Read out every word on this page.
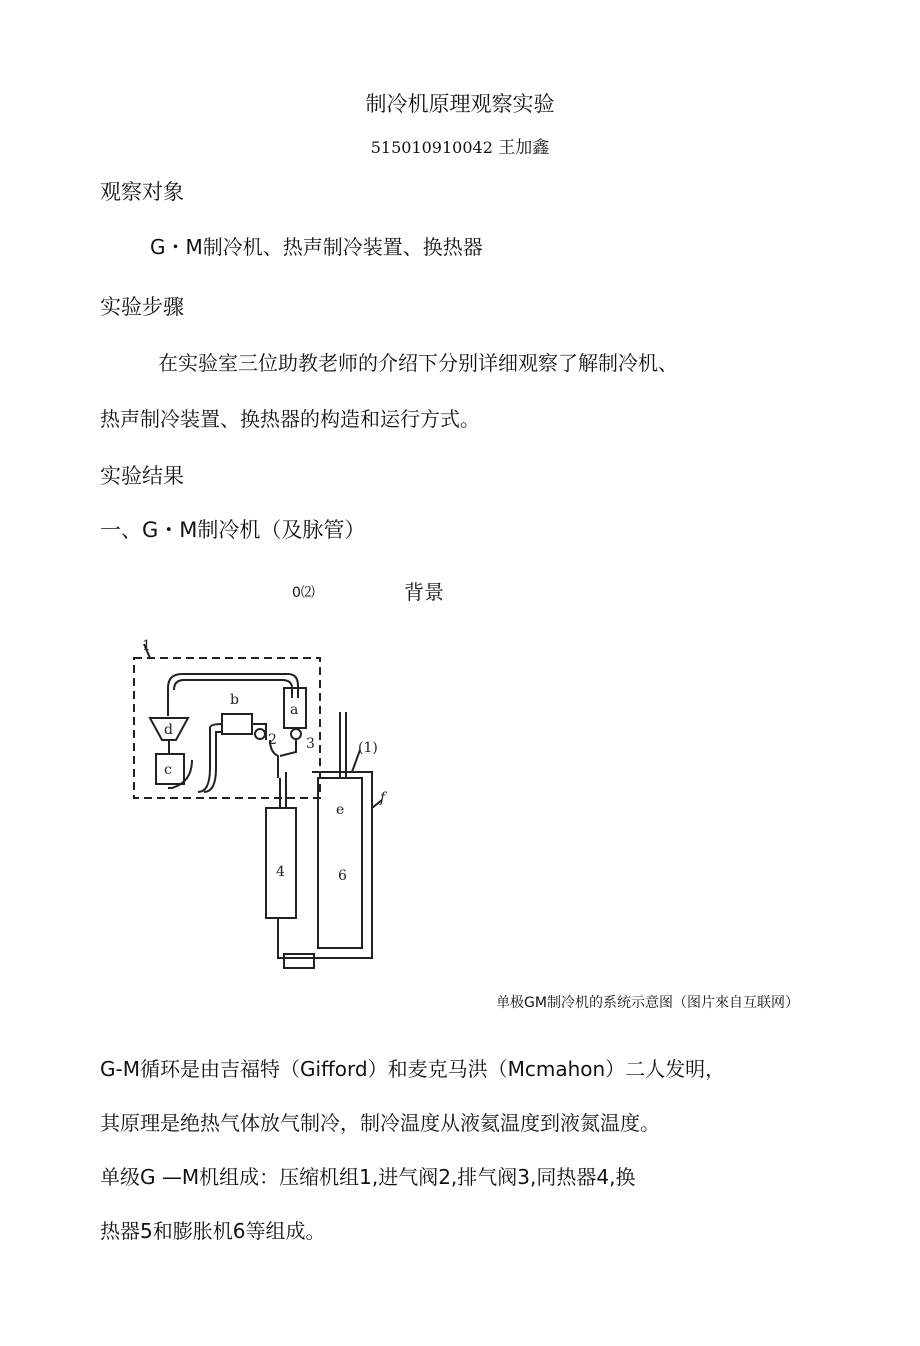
制冷机原理观察实验
515010910042 王加鑫
观察对象
G・M制冷机、热声制冷装置、换热器
实验步骤
在实验室三位助教老师的介绍下分别详细观察了解制冷机、
热声制冷装置、换热器的构造和运行方式。
实验结果
一、G・M制冷机（及脉管）
0⑵	背景
1
a
b
c
d
e
f
2 3
4	6
(1)
单极GM制冷机的系统示意图（图片來自互联网）
G-M循环是由吉福特（Gifford）和麦克马洪（Mcmahon）二人发明，
其原理是绝热气体放气制冷，制冷温度从液氦温度到液氮温度。
单级G —M机组成：压缩机组1,进气阀2,排气阀3,同热器4,换
热器5和膨胀机6等组成。
